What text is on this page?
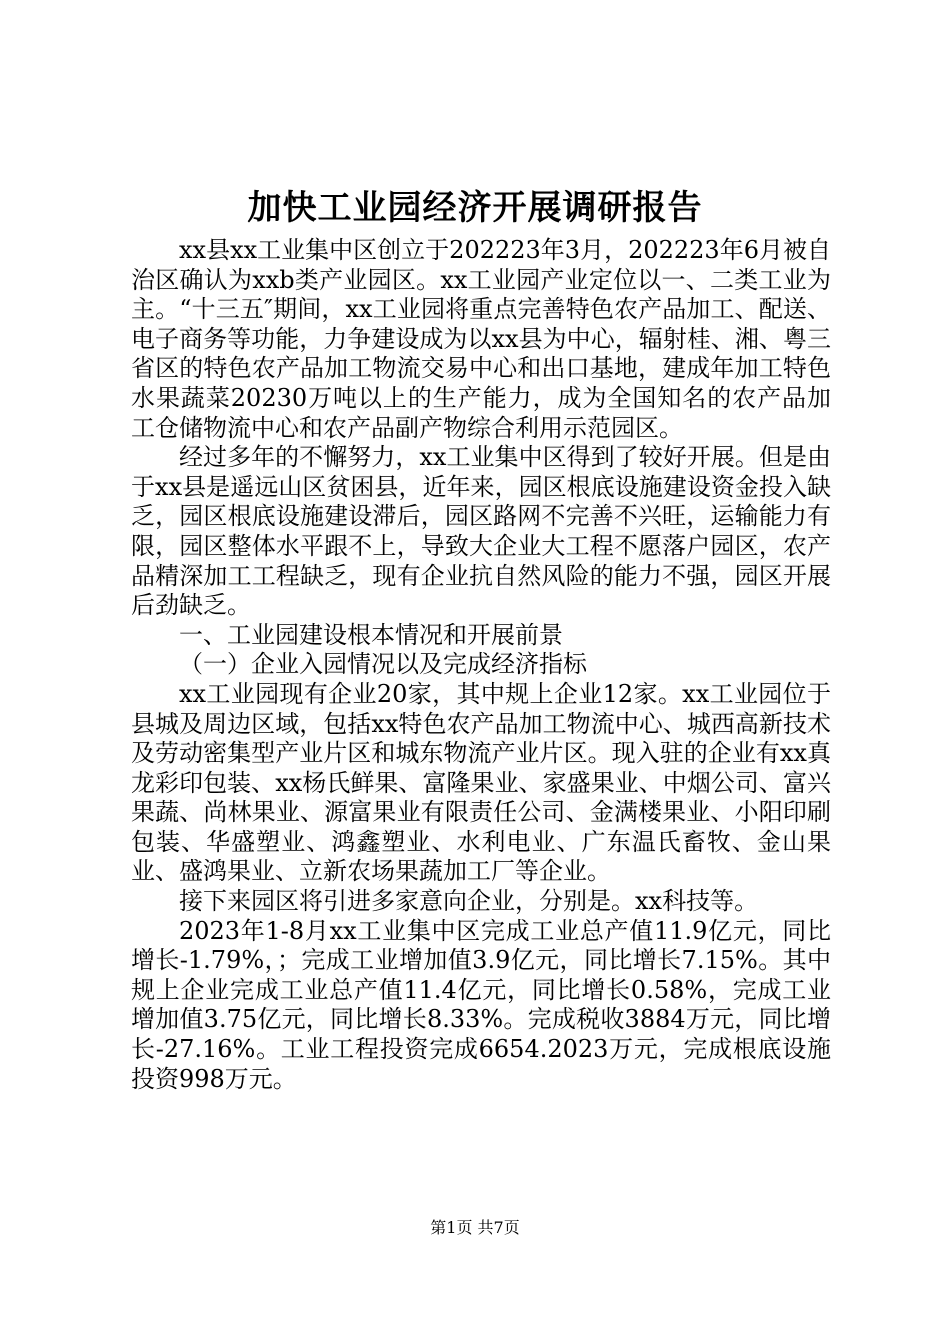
加快工业园经济开展调研报告

xx县xx工业集中区创立于202223年3月，202223年6月被自治区确认为xxb类产业园区。xx工业园产业定位以一、二类工业为主。“十三五″期间，xx工业园将重点完善特色农产品加工、配送、电子商务等功能，力争建设成为以xx县为中心，辐射桂、湘、粤三省区的特色农产品加工物流交易中心和出口基地，建成年加工特色水果蔬菜20230万吨以上的生产能力，成为全国知名的农产品加工仓储物流中心和农产品副产物综合利用示范园区。

经过多年的不懈努力，xx工业集中区得到了较好开展。但是由于xx县是遥远山区贫困县，近年来，园区根底设施建设资金投入缺乏，园区根底设施建设滞后，园区路网不完善不兴旺，运输能力有限，园区整体水平跟不上，导致大企业大工程不愿落户园区，农产品精深加工工程缺乏，现有企业抗自然风险的能力不强，园区开展后劲缺乏。

一、工业园建设根本情况和开展前景

（一）企业入园情况以及完成经济指标

xx工业园现有企业20家，其中规上企业12家。xx工业园位于县城及周边区域，包括xx特色农产品加工物流中心、城西高新技术及劳动密集型产业片区和城东物流产业片区。现入驻的企业有xx真龙彩印包装、xx杨氏鲜果、富隆果业、家盛果业、中烟公司、富兴果蔬、尚林果业、源富果业有限责任公司、金满楼果业、小阳印刷包装、华盛塑业、鸿鑫塑业、水利电业、广东温氏畜牧、金山果业、盛鸿果业、立新农场果蔬加工厂等企业。

接下来园区将引进多家意向企业，分别是。xx科技等。

2023年1-8月xx工业集中区完成工业总产值11.9亿元，同比增长-1.79%，；完成工业增加值3.9亿元，同比增长7.15%。其中规上企业完成工业总产值11.4亿元，同比增长0.58%，完成工业增加值3.75亿元，同比增长8.33%。完成税收3884万元，同比增长-27.16%。工业工程投资完成6654.2023万元，完成根底设施投资998万元。

第1页 共7页
